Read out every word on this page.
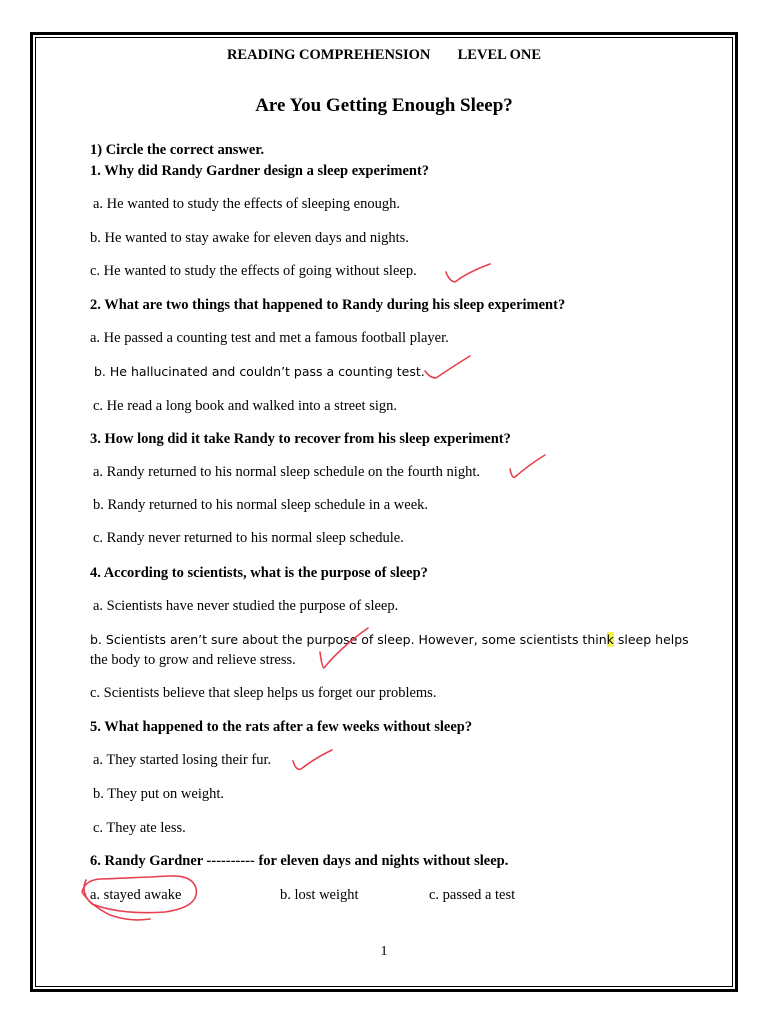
READING COMPREHENSION LEVEL ONE
Are You Getting Enough Sleep?
1) Circle the correct answer.
1. Why did Randy Gardner design a sleep experiment?
a. He wanted to study the effects of sleeping enough.
b. He wanted to stay awake for eleven days and nights.
c. He wanted to study the effects of going without sleep.
2. What are two things that happened to Randy during his sleep experiment?
a. He passed a counting test and met a famous football player.
b. He hallucinated and couldn’t pass a counting test.
c. He read a long book and walked into a street sign.
3. How long did it take Randy to recover from his sleep experiment?
a. Randy returned to his normal sleep schedule on the fourth night.
b. Randy returned to his normal sleep schedule in a week.
c. Randy never returned to his normal sleep schedule.
4. According to scientists, what is the purpose of sleep?
a. Scientists have never studied the purpose of sleep.
b. Scientists aren’t sure about the purpose of sleep. However, some scientists think sleep helps
the body to grow and relieve stress.
c. Scientists believe that sleep helps us forget our problems.
5. What happened to the rats after a few weeks without sleep?
a. They started losing their fur.
b. They put on weight.
c. They ate less.
6. Randy Gardner ---------- for eleven days and nights without sleep.
a. stayed awake	b. lost weight	c. passed a test
1
